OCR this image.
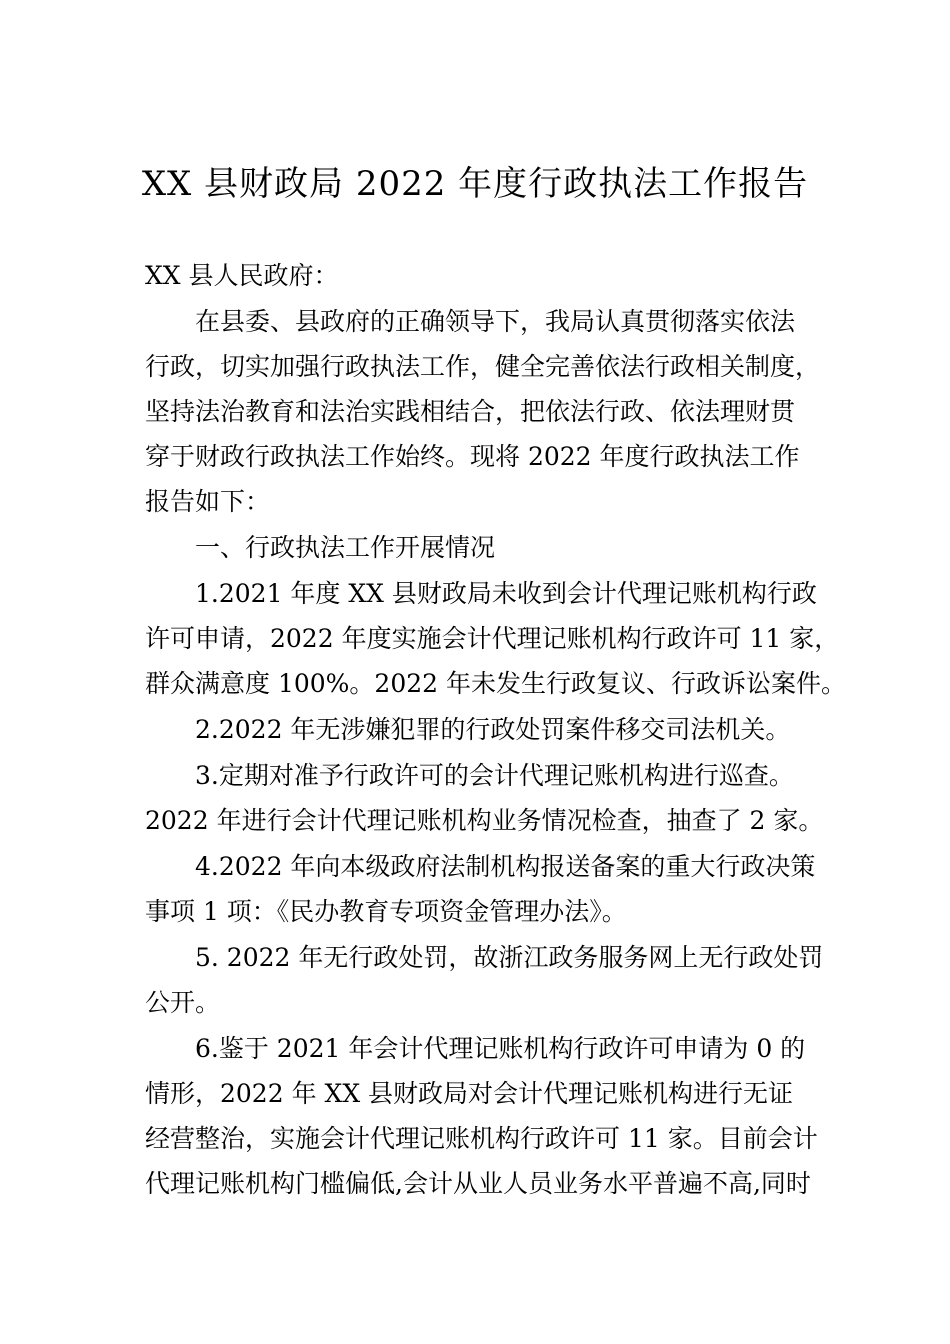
XX 县财政局 2022 年度行政执法工作报告
XX 县人民政府：
在县委、县政府的正确领导下，我局认真贯彻落实依法
行政，切实加强行政执法工作，健全完善依法行政相关制度，
坚持法治教育和法治实践相结合，把依法行政、依法理财贯
穿于财政行政执法工作始终。现将 2022 年度行政执法工作
报告如下：
一、行政执法工作开展情况
1.2021 年度 XX 县财政局未收到会计代理记账机构行政
许可申请，2022 年度实施会计代理记账机构行政许可 11 家，
群众满意度 100%。2022 年未发生行政复议、行政诉讼案件。
2.2022 年无涉嫌犯罪的行政处罚案件移交司法机关。
3.定期对准予行政许可的会计代理记账机构进行巡查。
2022 年进行会计代理记账机构业务情况检查，抽查了 2 家。
4.2022 年向本级政府法制机构报送备案的重大行政决策
事项 1 项：《民办教育专项资金管理办法》。
5. 2022 年无行政处罚，故浙江政务服务网上无行政处罚
公开。
6.鉴于 2021 年会计代理记账机构行政许可申请为 0 的
情形，2022 年 XX 县财政局对会计代理记账机构进行无证
经营整治，实施会计代理记账机构行政许可 11 家。目前会计
代理记账机构门槛偏低,会计从业人员业务水平普遍不高,同时
